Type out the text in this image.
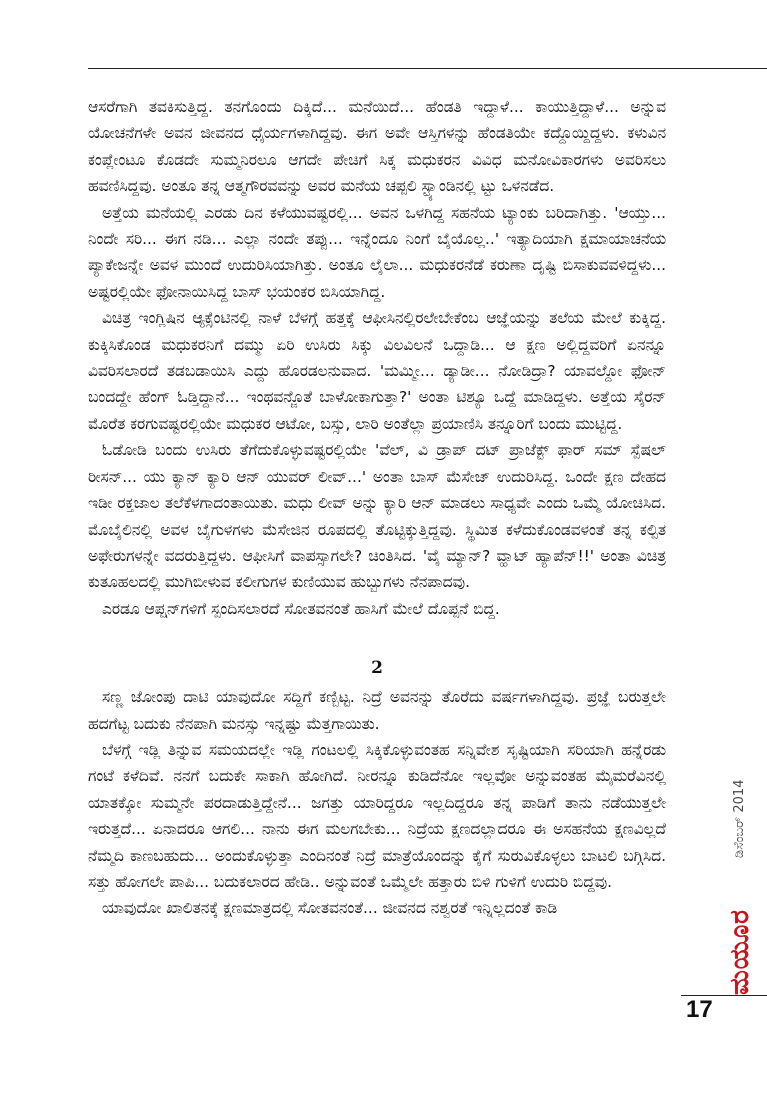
ಆಸರೆಗಾಗಿ ತವಕಿಸುತ್ತಿದ್ದ. ತನಗೊಂದು ದಿಕ್ಕಿದೆ... ಮನೆಯಿದೆ... ಹೆಂಡತಿ ಇದ್ದಾಳೆ... ಕಾಯುತ್ತಿದ್ದಾಳೆ... ಅನ್ನುವ ಯೋಚನೆಗಳೇ ಅವನ ಜೀವನದ ಧೈರ್ಯಗಳಾಗಿದ್ದವು. ಈಗ ಅವೇ ಆಸ್ತಿಗಳನ್ನು ಹೆಂಡತಿಯೇ ಕದ್ದೊಯ್ದಿದ್ದಳು. ಕಳುವಿನ ಕಂಪ್ಲೇಂಟೂ ಕೊಡದೇ ಸುಮ್ಮನಿರಲೂ ಆಗದೇ ಪೇಚಿಗೆ ಸಿಕ್ಕ ಮಧುಕರನ ವಿವಿಧ ಮನೋವಿಕಾರಗಳು ಅವರಿಸಲು ಹವಣಿಸಿದ್ದವು. ಅಂತೂ ತನ್ನ ಆತ್ಮಗೌರವವನ್ನು ಅವರ ಮನೆಯ ಚಪ್ಪಲಿ ಸ್ಟ್ಯಾಂಡಿನಲ್ಲಿ ಟ್ಟು ಒಳನಡೆದ.

ಅತ್ತೆಯ ಮನೆಯಲ್ಲಿ ಎರಡು ದಿನ ಕಳೆಯುವಷ್ಟರಲ್ಲಿ... ಅವನ ಒಳಗಿದ್ದ ಸಹನೆಯ ಟ್ಯಾಂಕು ಬರಿದಾಗಿತ್ತು. 'ಆಯ್ತು... ನಿಂದೇ ಸರಿ... ಈಗ ನಡಿ... ಎಲ್ಲಾ ನಂದೇ ತಪ್ಪು... ಇನ್ನೆಂದೂ ನಿಂಗೆ ಬೈಯೊಲ್ಲ..' ಇತ್ಯಾದಿಯಾಗಿ ಕ್ಷಮಾಯಾಚನೆಯ ಪ್ಯಾಕೇಜನ್ನೇ ಅವಳ ಮುಂದೆ ಉದುರಿಸಿಯಾಗಿತ್ತು. ಅಂತೂ ಲೈಲಾ... ಮಧುಕರನೆಡೆ ಕರುಣಾ ದೃಷ್ಟಿ ಬಿಸಾಕುವವಳಿದ್ದಳು... ಅಷ್ಟರಲ್ಲಿಯೇ ಫೋನಾಯಿಸಿದ್ದ ಬಾಸ್ ಭಯಂಕರ ಬಿಸಿಯಾಗಿದ್ದ.

ವಿಚಿತ್ರ ಇಂಗ್ಲಿಷಿನ ಆ್ಯಕ್ಸೆಂಟಿನಲ್ಲಿ ನಾಳೆ ಬೆಳಗ್ಗೆ ಹತ್ತಕ್ಕೆ ಆಫೀಸಿನಲ್ಲಿರಲೇಬೇಕೆಂಬ ಆಜ್ಞೆಯನ್ನು ತಲೆಯ ಮೇಲೆ ಕುಕ್ಕಿದ್ದ. ಕುಕ್ಕಿಸಿಕೊಂಡ ಮಧುಕರನಿಗೆ ದಮ್ಮು ಏರಿ ಉಸಿರು ಸಿಕ್ಕು ವಿಲವಿಲನೆ ಒದ್ದಾಡಿ... ಆ ಕ್ಷಣ ಅಲ್ಲಿದ್ದವರಿಗೆ ಏನನ್ನೂ ವಿವರಿಸಲಾರದೆ ತಡಬಡಾಯಿಸಿ ಎದ್ದು ಹೊರಡಲನುವಾದ. 'ಮಮ್ಮೀ... ಡ್ಯಾಡೀ... ನೋಡಿದ್ರಾ? ಯಾವಲ್ದೋ ಫೋನ್ ಬಂದದ್ದೇ ಹೆಂಗ್ ಓಡ್ತಿದ್ದಾನೆ... ಇಂಥವನ್ಜೊತೆ ಬಾಳೋಕಾಗುತ್ತಾ?' ಅಂತಾ ಟಿಶ್ಯೂ ಒದ್ದೆ ಮಾಡಿದ್ದಳು. ಅತ್ತೆಯ ಸೈರನ್ ಮೊರೆತ ಕರಗುವಷ್ಟರಲ್ಲಿಯೇ ಮಧುಕರ ಆಟೋ, ಬಸ್ಸು, ಲಾರಿ ಅಂತೆಲ್ಲಾ ಪ್ರಯಾಣಿಸಿ ತನ್ನೂರಿಗೆ ಬಂದು ಮುಟ್ಟಿದ್ದ.

ಓಡೋಡಿ ಬಂದು ಉಸಿರು ತೆಗೆದುಕೊಳ್ಳುವಷ್ಟರಲ್ಲಿಯೇ 'ವೆಲ್, ವಿ ಡ್ರಾಪ್ ದಟ್ ಪ್ರಾಜೆಕ್ಟ್ ಫಾರ್ ಸಮ್ ಸ್ಪೆಷಲ್ ರೀಸನ್... ಯು ಕ್ಯಾನ್ ಕ್ಯಾರಿ ಆನ್ ಯುವರ್ ಲೀವ್...' ಅಂತಾ ಬಾಸ್ ಮೆಸೇಜ್ ಉದುರಿಸಿದ್ದ. ಒಂದೇ ಕ್ಷಣ ದೇಹದ ಇಡೀ ರಕ್ತಜಾಲ ತಲೆಕೆಳಗಾದಂತಾಯಿತು. ಮಧು ಲೀವ್ ಅನ್ನು ಕ್ಯಾರಿ ಆನ್ ಮಾಡಲು ಸಾಧ್ಯವೇ ಎಂದು ಒಮ್ಮೆ ಯೋಚಿಸಿದ. ಮೊಬೈಲಿನಲ್ಲಿ ಅವಳ ಬೈಗುಳಗಳು ಮೆಸೇಜಿನ ರೂಪದಲ್ಲಿ ತೊಟ್ಟಿಕ್ಕುತ್ತಿದ್ದವು. ಸ್ಥಿಮಿತ ಕಳೆದುಕೊಂಡವಳಂತೆ ತನ್ನ ಕಲ್ಪಿತ ಅಫೇರುಗಳನ್ನೇ ವದರುತ್ತಿದ್ದಳು. ಆಫೀಸಿಗೆ ವಾಪಸ್ಸಾಗಲೇ? ಚಿಂತಿಸಿದ. 'ವೈ ಮ್ಯಾನ್? ವ್ಹಾಟ್ ಹ್ಯಾಪೆನ್!!' ಅಂತಾ ವಿಚಿತ್ರ ಕುತೂಹಲದಲ್ಲಿ ಮುಗಿಬೀಳುವ ಕಲೀಗುಗಳ ಕುಣಿಯುವ ಹುಬ್ಬುಗಳು ನೆನಪಾದವು.

ಎರಡೂ ಆಪ್ಷನ್‌ಗಳಿಗೆ ಸ್ಪಂದಿಸಲಾರದೆ ಸೋತವನಂತೆ ಹಾಸಿಗೆ ಮೇಲೆ ದೊಪ್ಪನೆ ಬಿದ್ದ.

2

ಸಣ್ಣ ಜೋಂಪು ದಾಟಿ ಯಾವುದೋ ಸದ್ದಿಗೆ ಕಣ್ಬಿಟ್ಟ. ನಿದ್ರೆ ಅವನನ್ನು ತೊರೆದು ವರ್ಷಗಳಾಗಿದ್ದವು. ಪ್ರಜ್ಞೆ ಬರುತ್ತಲೇ ಹದಗೆಟ್ಟ ಬದುಕು ನೆನಪಾಗಿ ಮನಸ್ಸು ಇನ್ನಷ್ಟು ಮೆತ್ತಗಾಯಿತು.

ಬೆಳಗ್ಗೆ ಇಡ್ಲಿ ತಿನ್ನುವ ಸಮಯದಲ್ಲೇ ಇಡ್ಲಿ ಗಂಟಲಲ್ಲಿ ಸಿಕ್ಕಿಕೊಳ್ಳುವಂತಹ ಸನ್ನಿವೇಶ ಸೃಷ್ಟಿಯಾಗಿ ಸರಿಯಾಗಿ ಹನ್ನೆರಡು ಗಂಟೆ ಕಳೆದಿವೆ. ನನಗೆ ಬದುಕೇ ಸಾಕಾಗಿ ಹೋಗಿದೆ. ನೀರನ್ನೂ ಕುಡಿದೆನೋ ಇಲ್ಲವೋ ಅನ್ನುವಂತಹ ಮೈಮರೆವಿನಲ್ಲಿ ಯಾತಕ್ಕೋ ಸುಮ್ಮನೇ ಪರದಾಡುತ್ತಿದ್ದೇನೆ... ಜಗತ್ತು ಯಾರಿದ್ದರೂ ಇಲ್ಲದಿದ್ದರೂ ತನ್ನ ಪಾಡಿಗೆ ತಾನು ನಡೆಯುತ್ತಲೇ ಇರುತ್ತದೆ... ಏನಾದರೂ ಆಗಲಿ... ನಾನು ಈಗ ಮಲಗಬೇಕು... ನಿದ್ರೆಯ ಕ್ಷಣದಲ್ಲಾದರೂ ಈ ಅಸಹನೆಯ ಕ್ಷಣವಿಲ್ಲದೆ ನೆಮ್ಮದಿ ಕಾಣಬಹುದು... ಅಂದುಕೊಳ್ಳುತ್ತಾ ಎಂದಿನಂತೆ ನಿದ್ರೆ ಮಾತ್ರೆಯೊಂದನ್ನು ಕೈಗೆ ಸುರುವಿಕೊಳ್ಳಲು ಬಾಟಲಿ ಬಗ್ಗಿಸಿದ. ಸತ್ತು ಹೋಗಲೇ ಪಾಪಿ... ಬದುಕಲಾರದ ಹೇಡಿ.. ಅನ್ನುವಂತೆ ಒಮ್ಮೆಲೇ ಹತ್ತಾರು ಬಿಳಿ ಗುಳಿಗೆ ಉದುರಿ ಬಿದ್ದವು.

ಯಾವುದೋ ಖಾಲಿತನಕ್ಕೆ ಕ್ಷಣಮಾತ್ರದಲ್ಲಿ ಸೋತವನಂತೆ... ಜೀವನದ ನಶ್ವರತೆ ಇನ್ನಿಲ್ಲದಂತೆ ಕಾಡಿ

ಡಿಸೆಂಬರ್ 2014
ಮಯೂರ
17
